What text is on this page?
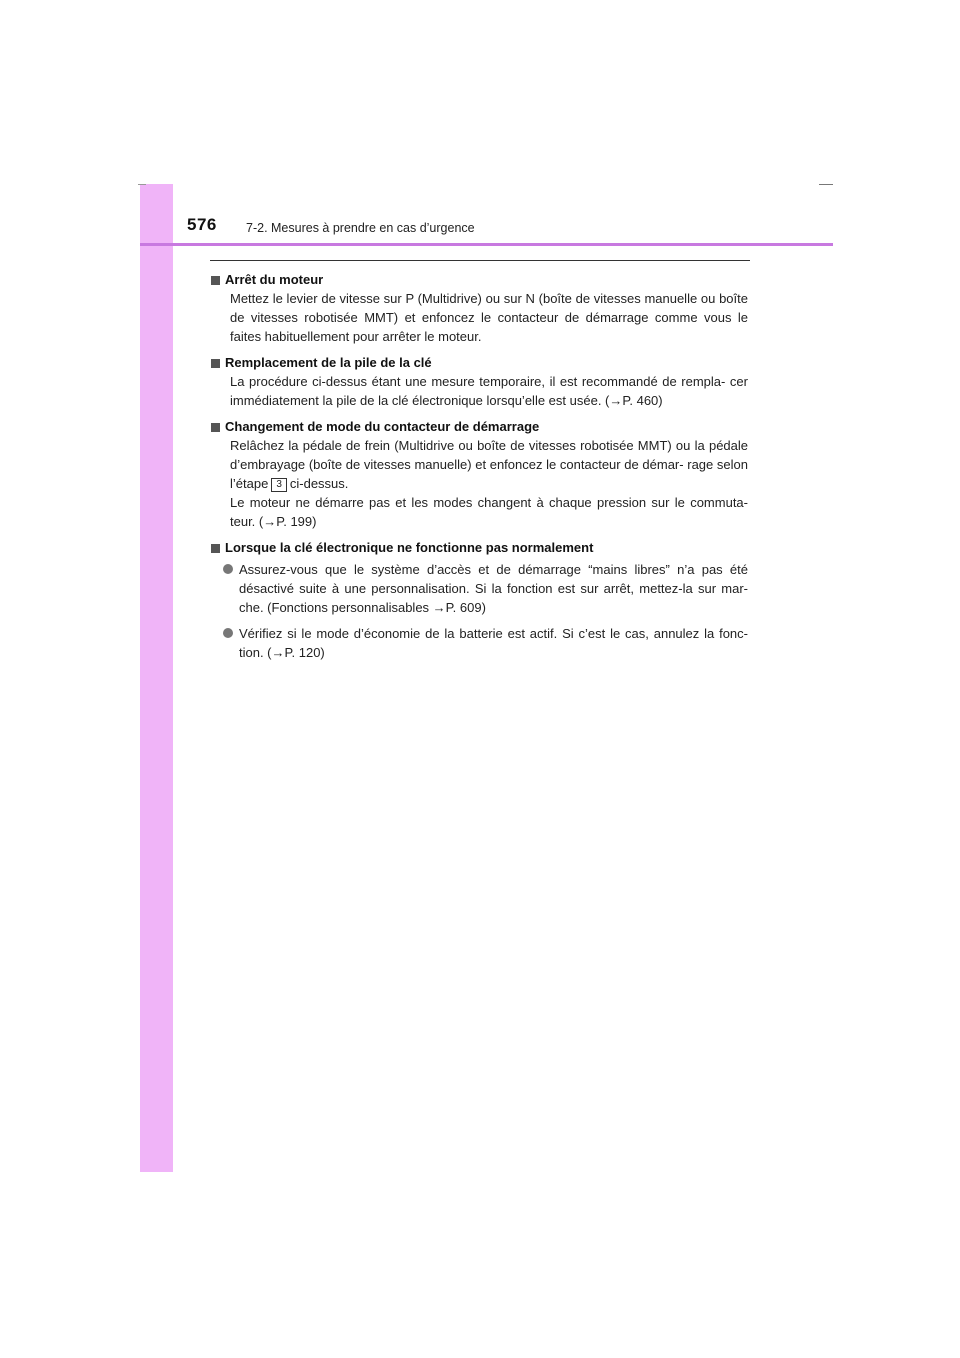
576 7-2. Mesures à prendre en cas d’urgence
Arrêt du moteur
Mettez le levier de vitesse sur P (Multidrive) ou sur N (boîte de vitesses manuelle ou boîte de vitesses robotisée MMT) et enfoncez le contacteur de démarrage comme vous le faites habituellement pour arrêter le moteur.
Remplacement de la pile de la clé
La procédure ci-dessus étant une mesure temporaire, il est recommandé de rempla- cer immédiatement la pile de la clé électronique lorsqu’elle est usée. (→P. 460)
Changement de mode du contacteur de démarrage
Relâchez la pédale de frein (Multidrive ou boîte de vitesses robotisée MMT) ou la pédale d’embrayage (boîte de vitesses manuelle) et enfoncez le contacteur de démar- rage selon l’étape 3 ci-dessus.
Le moteur ne démarre pas et les modes changent à chaque pression sur le commuta- teur. (→P. 199)
Lorsque la clé électronique ne fonctionne pas normalement
Assurez-vous que le système d’accès et de démarrage “mains libres” n’a pas été désactivé suite à une personnalisation. Si la fonction est sur arrêt, mettez-la sur mar- che. (Fonctions personnalisables →P. 609)
Vérifiez si le mode d’économie de la batterie est actif. Si c’est le cas, annulez la fonc- tion. (→P. 120)
